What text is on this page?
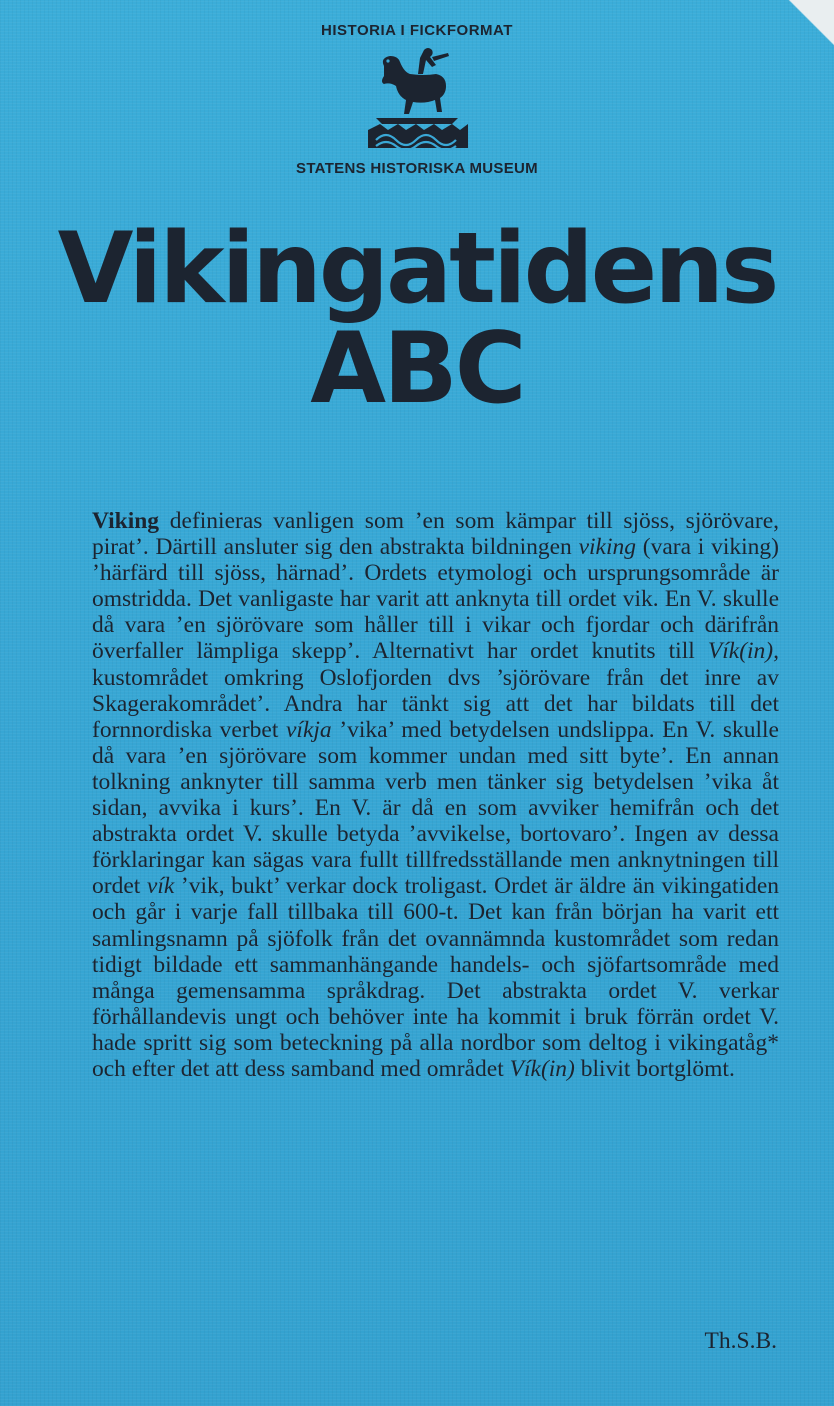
HISTORIA I FICKFORMAT
STATENS HISTORISKA MUSEUM
Vikingatidens
ABC

Viking definieras vanligen som ’en som kämpar till sjöss, sjörövare, pirat’. Därtill ansluter sig den abstrakta bildningen viking (vara i viking) ’härfärd till sjöss, härnad’. Ordets etymologi och ursprungsområde är omstridda. Det vanligaste har varit att anknyta till ordet vik. En V. skulle då vara ’en sjörövare som håller till i vikar och fjordar och därifrån överfaller lämpliga skepp’. Alternativt har ordet knutits till Vík(in), kustområdet omkring Oslofjorden dvs ’sjörövare från det inre av Skagerakområdet’. Andra har tänkt sig att det har bildats till det fornnordiska verbet víkja ’vika’ med betydelsen undslippa. En V. skulle då vara ’en sjörövare som kommer undan med sitt byte’. En annan tolkning anknyter till samma verb men tänker sig betydelsen ’vika åt sidan, avvika i kurs’. En V. är då en som avviker hemifrån och det abstrakta ordet V. skulle betyda ’avvikelse, bortovaro’. Ingen av dessa förklaringar kan sägas vara fullt tillfredsställande men anknytningen till ordet vík ’vik, bukt’ verkar dock troligast. Ordet är äldre än vikingatiden och går i varje fall tillbaka till 600-t. Det kan från början ha varit ett samlingsnamn på sjöfolk från det ovannämnda kustområdet som redan tidigt bildade ett sammanhängande handels- och sjöfartsområde med många gemensamma språkdrag. Det abstrakta ordet V. verkar förhållandevis ungt och behöver inte ha kommit i bruk förrän ordet V. hade spritt sig som beteckning på alla nordbor som deltog i vikingatåg* och efter det att dess samband med området Vík(in) blivit bortglömt.

Th.S.B.
